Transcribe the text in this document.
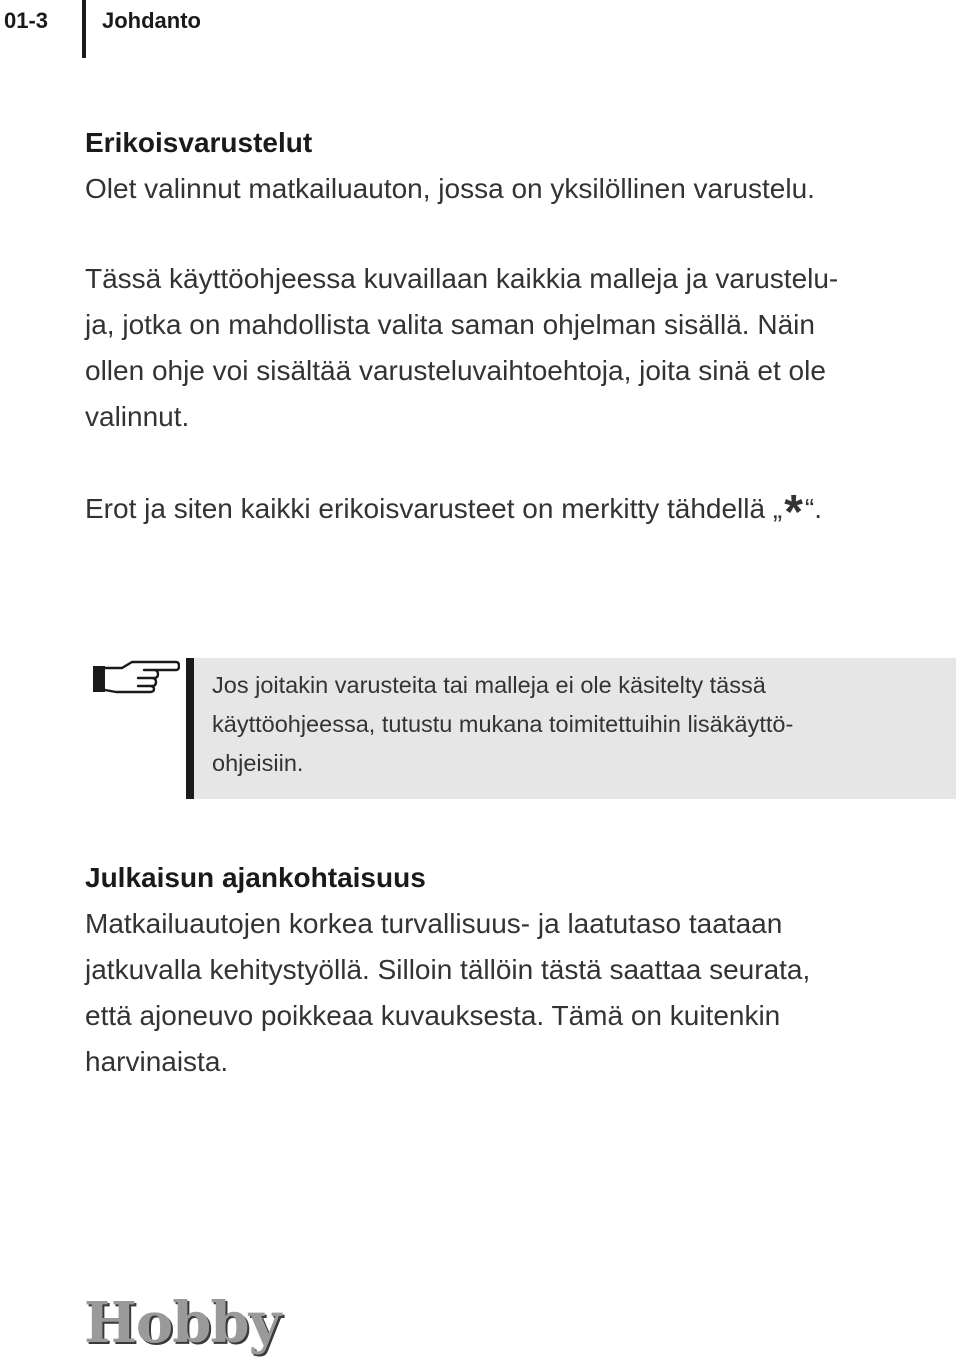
01-3 Johdanto
Erikoisvarustelut
Olet valinnut matkailuauton, jossa on yksilöllinen varustelu.

Tässä käyttöohjeessa kuvaillaan kaikkia malleja ja varustelu-

ja, jotka on mahdollista valita saman ohjelman sisällä. Näin

ollen ohje voi sisältää varusteluvaihtoehtoja, joita sinä et ole

valinnut.

Erot ja siten kaikki erikoisvarusteet on merkitty tähdellä „*“.
Jos joitakin varusteita tai malleja ei ole käsitelty tässä
käyttöohjeessa, tutustu mukana toimitettuihin lisäkäyttö-
ohjeisiin.
Julkaisun ajankohtaisuus

Matkailuautojen korkea turvallisuus- ja laatutaso taataan

jatkuvalla kehitystyöllä. Silloin tällöin tästä saattaa seurata,

että ajoneuvo poikkeaa kuvauksesta. Tämä on kuitenkin

harvinaista.

Hobby
